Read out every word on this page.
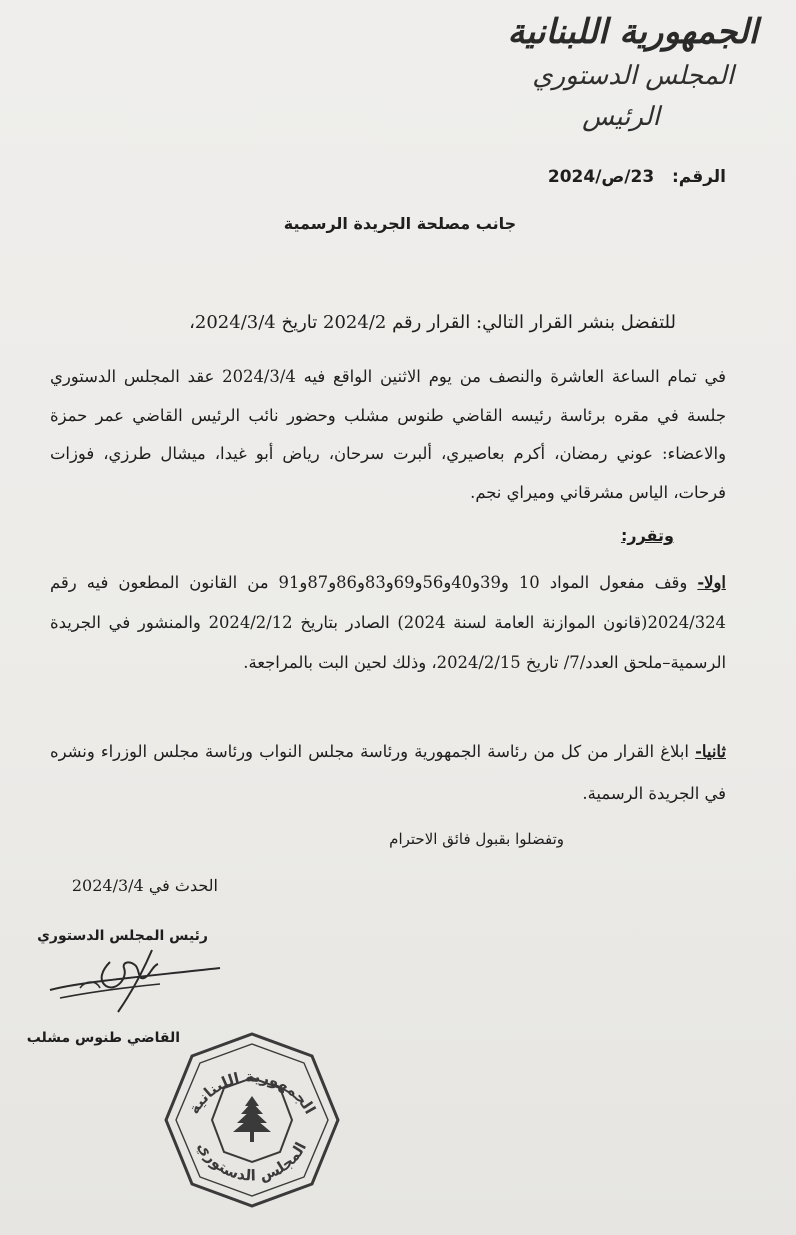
الجمهورية اللبنانية
المجلس الدستوري
الرئيس
الرقم:   23/ص/2024
جانب مصلحة الجريدة الرسمية
للتفضل بنشر القرار التالي: القرار رقم 2024/2 تاريخ 2024/3/4،
في تمام الساعة العاشرة والنصف من يوم الاثنين الواقع فيه 2024/3/4 عقد المجلس الدستوري جلسة في مقره برئاسة رئيسه القاضي طنوس مشلب وحضور نائب الرئيس القاضي عمر حمزة والاعضاء: عوني رمضان، أكرم بعاصيري، ألبرت سرحان، رياض أبو غيدا، ميشال طرزي، فوزات فرحات، الياس مشرقاني وميراي نجم.
وتقرر:
اولا- وقف مفعول المواد 10 و39و40و56و69و83و86و87و91 من القانون المطعون فيه رقم 2024/324(قانون الموازنة العامة لسنة 2024) الصادر بتاريخ 2024/2/12 والمنشور في الجريدة الرسمية–ملحق العدد/7/ تاريخ 2024/2/15، وذلك لحين البت بالمراجعة.
ثانيا- ابلاغ القرار من كل من رئاسة الجمهورية ورئاسة مجلس النواب ورئاسة مجلس الوزراء ونشره في الجريدة الرسمية.
وتفضلوا بقبول فائق الاحترام
الحدث في 2024/3/4
رئيس المجلس الدستوري
القاضي طنوس مشلب
الجمهورية اللبنانية
المجلس الدستوري
